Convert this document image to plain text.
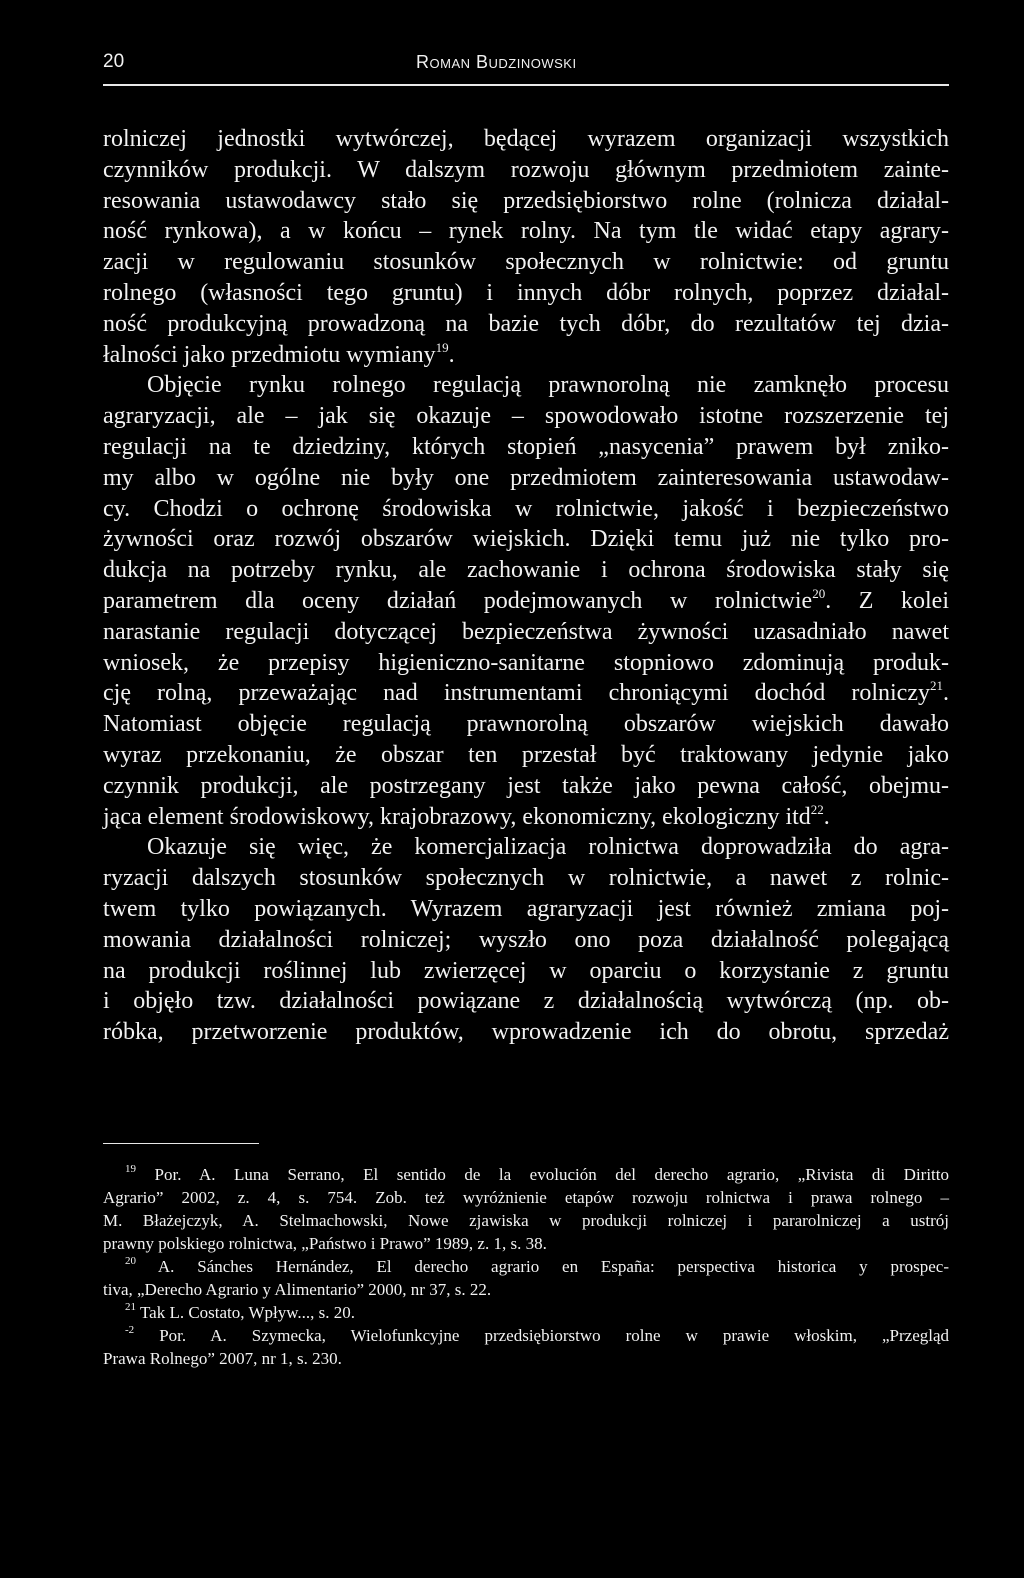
20	Roman Budzinowski
rolniczej jednostki wytwórczej, będącej wyrazem organizacji wszystkich
czynników produkcji. W dalszym rozwoju głównym przedmiotem zainte-
resowania ustawodawcy stało się przedsiębiorstwo rolne (rolnicza działal-
ność rynkowa), a w końcu – rynek rolny. Na tym tle widać etapy agrary-
zacji w regulowaniu stosunków społecznych w rolnictwie: od gruntu
rolnego (własności tego gruntu) i innych dóbr rolnych, poprzez działal-
ność produkcyjną prowadzoną na bazie tych dóbr, do rezultatów tej dzia-
łalności jako przedmiotu wymiany$^{19}$.
Objęcie rynku rolnego regulacją prawnorolną nie zamknęło procesu
agraryzacji, ale – jak się okazuje – spowodowało istotne rozszerzenie tej
regulacji na te dziedziny, których stopień „nasycenia” prawem był zniko-
my albo w ogólne nie były one przedmiotem zainteresowania ustawodaw-
cy. Chodzi o ochronę środowiska w rolnictwie, jakość i bezpieczeństwo
żywności oraz rozwój obszarów wiejskich. Dzięki temu już nie tylko pro-
dukcja na potrzeby rynku, ale zachowanie i ochrona środowiska stały się
parametrem dla oceny działań podejmowanych w rolnictwie$^{20}$. Z kolei
narastanie regulacji dotyczącej bezpieczeństwa żywności uzasadniało nawet
wniosek, że przepisy higieniczno-sanitarne stopniowo zdominują produk-
cję rolną, przeważając nad instrumentami chroniącymi dochód rolniczy$^{21}$.
Natomiast objęcie regulacją prawnorolną obszarów wiejskich dawało
wyraz przekonaniu, że obszar ten przestał być traktowany jedynie jako
czynnik produkcji, ale postrzegany jest także jako pewna całość, obejmu-
jąca element środowiskowy, krajobrazowy, ekonomiczny, ekologiczny itd$^{22}$.
Okazuje się więc, że komercjalizacja rolnictwa doprowadziła do agra-
ryzacji dalszych stosunków społecznych w rolnictwie, a nawet z rolnic-
twem tylko powiązanych. Wyrazem agraryzacji jest również zmiana poj-
mowania działalności rolniczej; wyszło ono poza działalność polegającą
na produkcji roślinnej lub zwierzęcej w oparciu o korzystanie z gruntu
i objęło tzw. działalności powiązane z działalnością wytwórczą (np. ob-
róbka, przetworzenie produktów, wprowadzenie ich do obrotu, sprzedaż
$^{19}$ Por. A. Luna Serrano, El sentido de la evolución del derecho agrario, „Rivista di Diritto
Agrario” 2002, z. 4, s. 754. Zob. też wyróżnienie etapów rozwoju rolnictwa i prawa rolnego –
M. Błażejczyk, A. Stelmachowski, Nowe zjawiska w produkcji rolniczej i pararolniczej a ustrój
prawny polskiego rolnictwa, „Państwo i Prawo” 1989, z. 1, s. 38.
$^{20}$ A. Sánches Hernández, El derecho agrario en España: perspectiva historica y prospec-
tiva, „Derecho Agrario y Alimentario” 2000, nr 37, s. 22.
$^{21}$ Tak L. Costato, Wpływ..., s. 20.
$^{-2}$ Por. A. Szymecka, Wielofunkcyjne przedsiębiorstwo rolne w prawie włoskim, „Przegląd
Prawa Rolnego” 2007, nr 1, s. 230.
